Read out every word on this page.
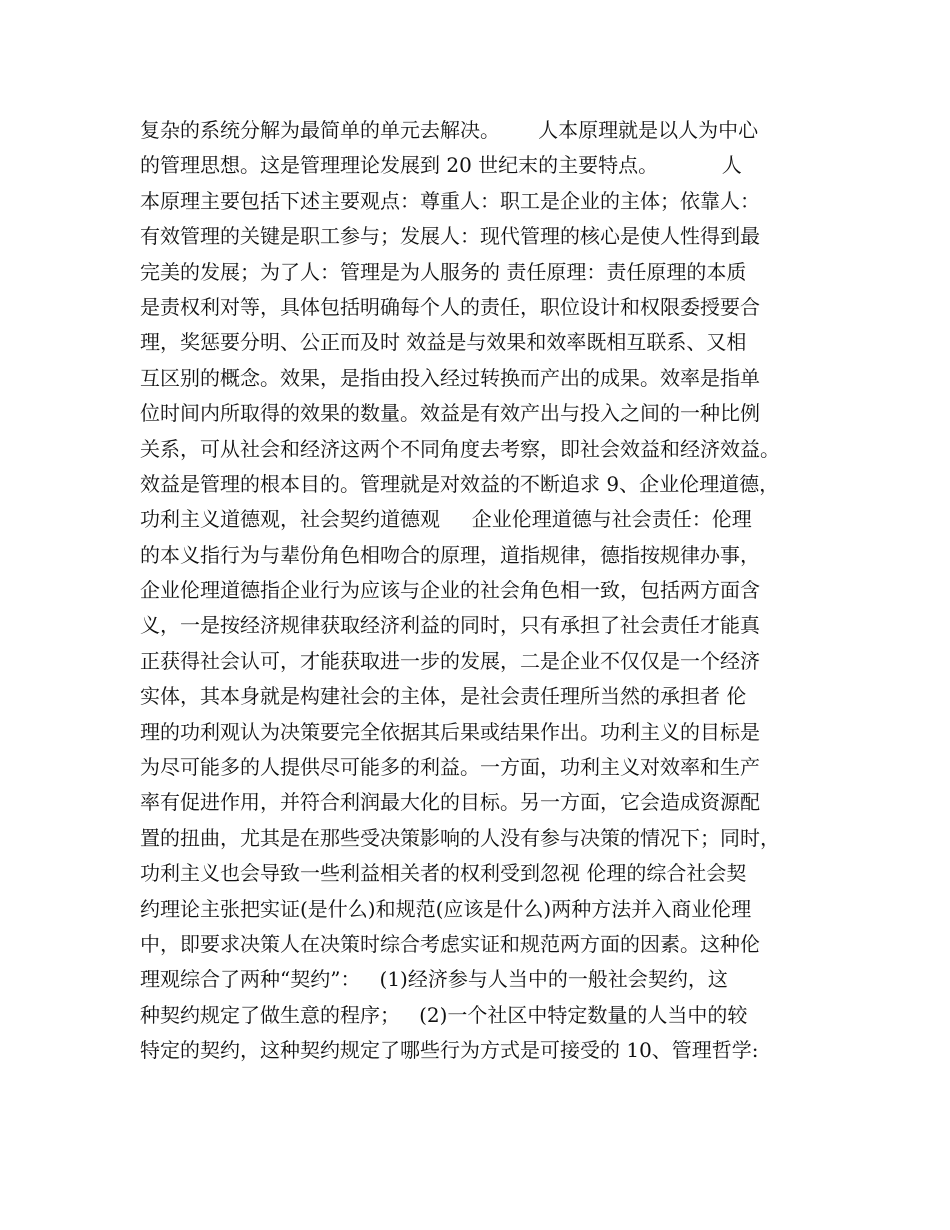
复杂的系统分解为最简单的单元去解决。      人本原理就是以人为中心
的管理思想。这是管理理论发展到 20 世纪末的主要特点。          人
本原理主要包括下述主要观点：尊重人：职工是企业的主体；依靠人：
有效管理的关键是职工参与；发展人：现代管理的核心是使人性得到最
完美的发展；为了人：管理是为人服务的 责任原理：责任原理的本质
是责权利对等，具体包括明确每个人的责任，职位设计和权限委授要合
理，奖惩要分明、公正而及时 效益是与效果和效率既相互联系、又相
互区别的概念。效果，是指由投入经过转换而产出的成果。效率是指单
位时间内所取得的效果的数量。效益是有效产出与投入之间的一种比例
关系，可从社会和经济这两个不同角度去考察，即社会效益和经济效益。
效益是管理的根本目的。管理就是对效益的不断追求 9、企业伦理道德，
功利主义道德观，社会契约道德观     企业伦理道德与社会责任：伦理
的本义指行为与辈份角色相吻合的原理，道指规律，德指按规律办事，
企业伦理道德指企业行为应该与企业的社会角色相一致，包括两方面含
义，一是按经济规律获取经济利益的同时，只有承担了社会责任才能真
正获得社会认可，才能获取进一步的发展，二是企业不仅仅是一个经济
实体，其本身就是构建社会的主体，是社会责任理所当然的承担者 伦
理的功利观认为决策要完全依据其后果或结果作出。功利主义的目标是
为尽可能多的人提供尽可能多的利益。一方面，功利主义对效率和生产
率有促进作用，并符合利润最大化的目标。另一方面，它会造成资源配
置的扭曲，尤其是在那些受决策影响的人没有参与决策的情况下；同时，
功利主义也会导致一些利益相关者的权利受到忽视 伦理的综合社会契
约理论主张把实证(是什么)和规范(应该是什么)两种方法并入商业伦理
中，即要求决策人在决策时综合考虑实证和规范两方面的因素。这种伦
理观综合了两种“契约”：   (1)经济参与人当中的一般社会契约，这
种契约规定了做生意的程序；   (2)一个社区中特定数量的人当中的较
特定的契约，这种契约规定了哪些行为方式是可接受的 10、管理哲学:
